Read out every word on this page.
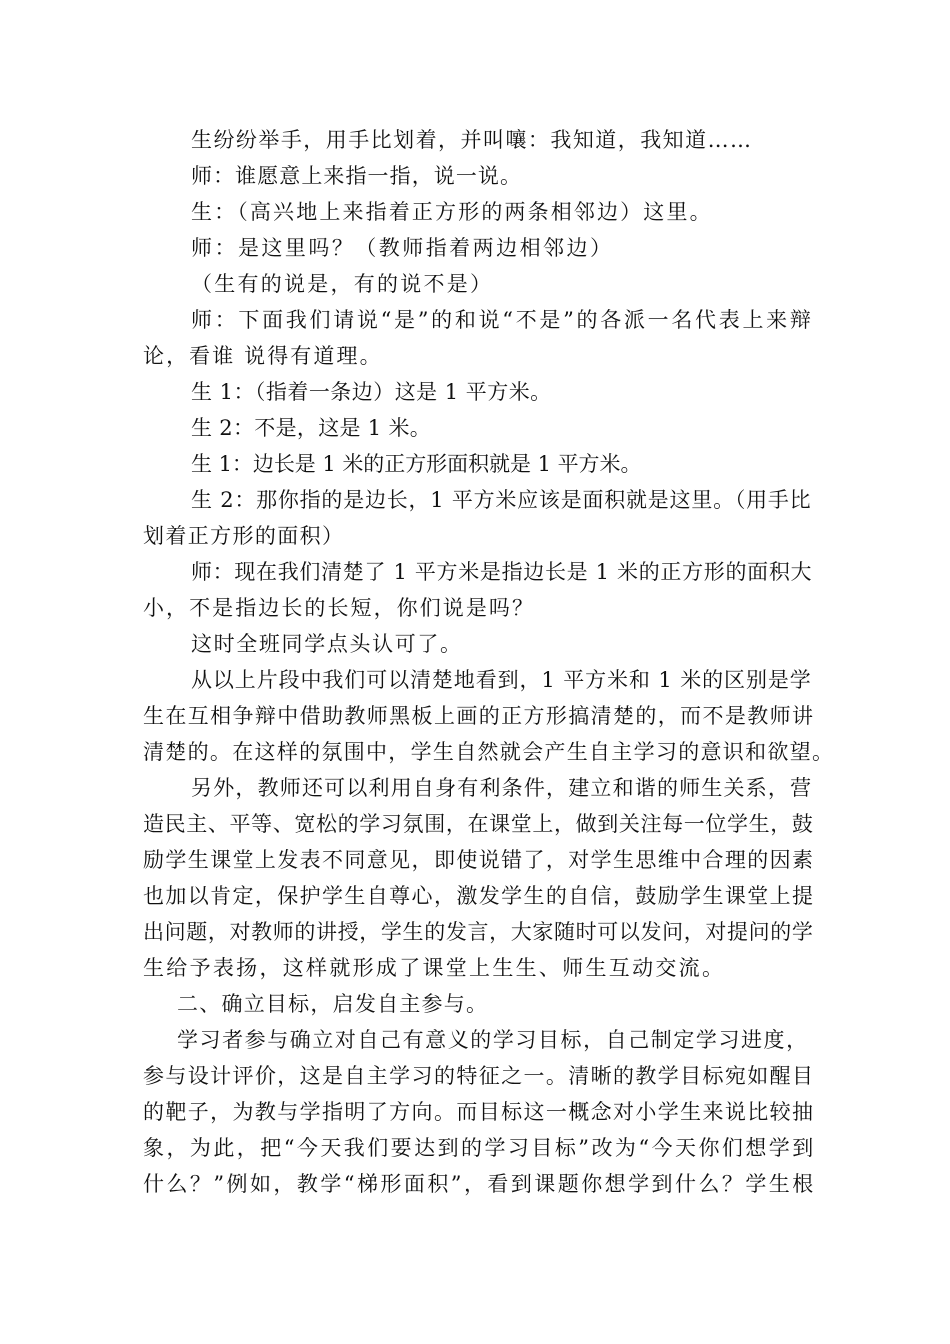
生纷纷举手，用手比划着，并叫嚷：我知道，我知道……
师：谁愿意上来指一指，说一说。
生：（高兴地上来指着正方形的两条相邻边）这里。
师：是这里吗？（教师指着两边相邻边）
（生有的说是，有的说不是）
师：下面我们请说“是”的和说“不是”的各派一名代表上来辩
论，看谁 说得有道理。
生 1：（指着一条边）这是 1 平方米。
生 2：不是，这是 1 米。
生 1：边长是 1 米的正方形面积就是 1 平方米。
生 2：那你指的是边长，1 平方米应该是面积就是这里。（用手比
划着正方形的面积）
师：现在我们清楚了 1 平方米是指边长是 1 米的正方形的面积大
小，不是指边长的长短，你们说是吗？
这时全班同学点头认可了。
从以上片段中我们可以清楚地看到，1 平方米和 1 米的区别是学
生在互相争辩中借助教师黑板上画的正方形搞清楚的，而不是教师讲
清楚的。在这样的氛围中，学生自然就会产生自主学习的意识和欲望。
另外，教师还可以利用自身有利条件，建立和谐的师生关系，营
造民主、平等、宽松的学习氛围，在课堂上，做到关注每一位学生，鼓
励学生课堂上发表不同意见，即使说错了，对学生思维中合理的因素
也加以肯定，保护学生自尊心，激发学生的自信，鼓励学生课堂上提
出问题，对教师的讲授，学生的发言，大家随时可以发问，对提问的学
生给予表扬，这样就形成了课堂上生生、师生互动交流。
二、确立目标，启发自主参与。
学习者参与确立对自己有意义的学习目标，自己制定学习进度，
参与设计评价，这是自主学习的特征之一。清晰的教学目标宛如醒目
的靶子，为教与学指明了方向。而目标这一概念对小学生来说比较抽
象，为此，把“今天我们要达到的学习目标”改为“今天你们想学到
什么？”例如，教学“梯形面积”，看到课题你想学到什么？学生根
